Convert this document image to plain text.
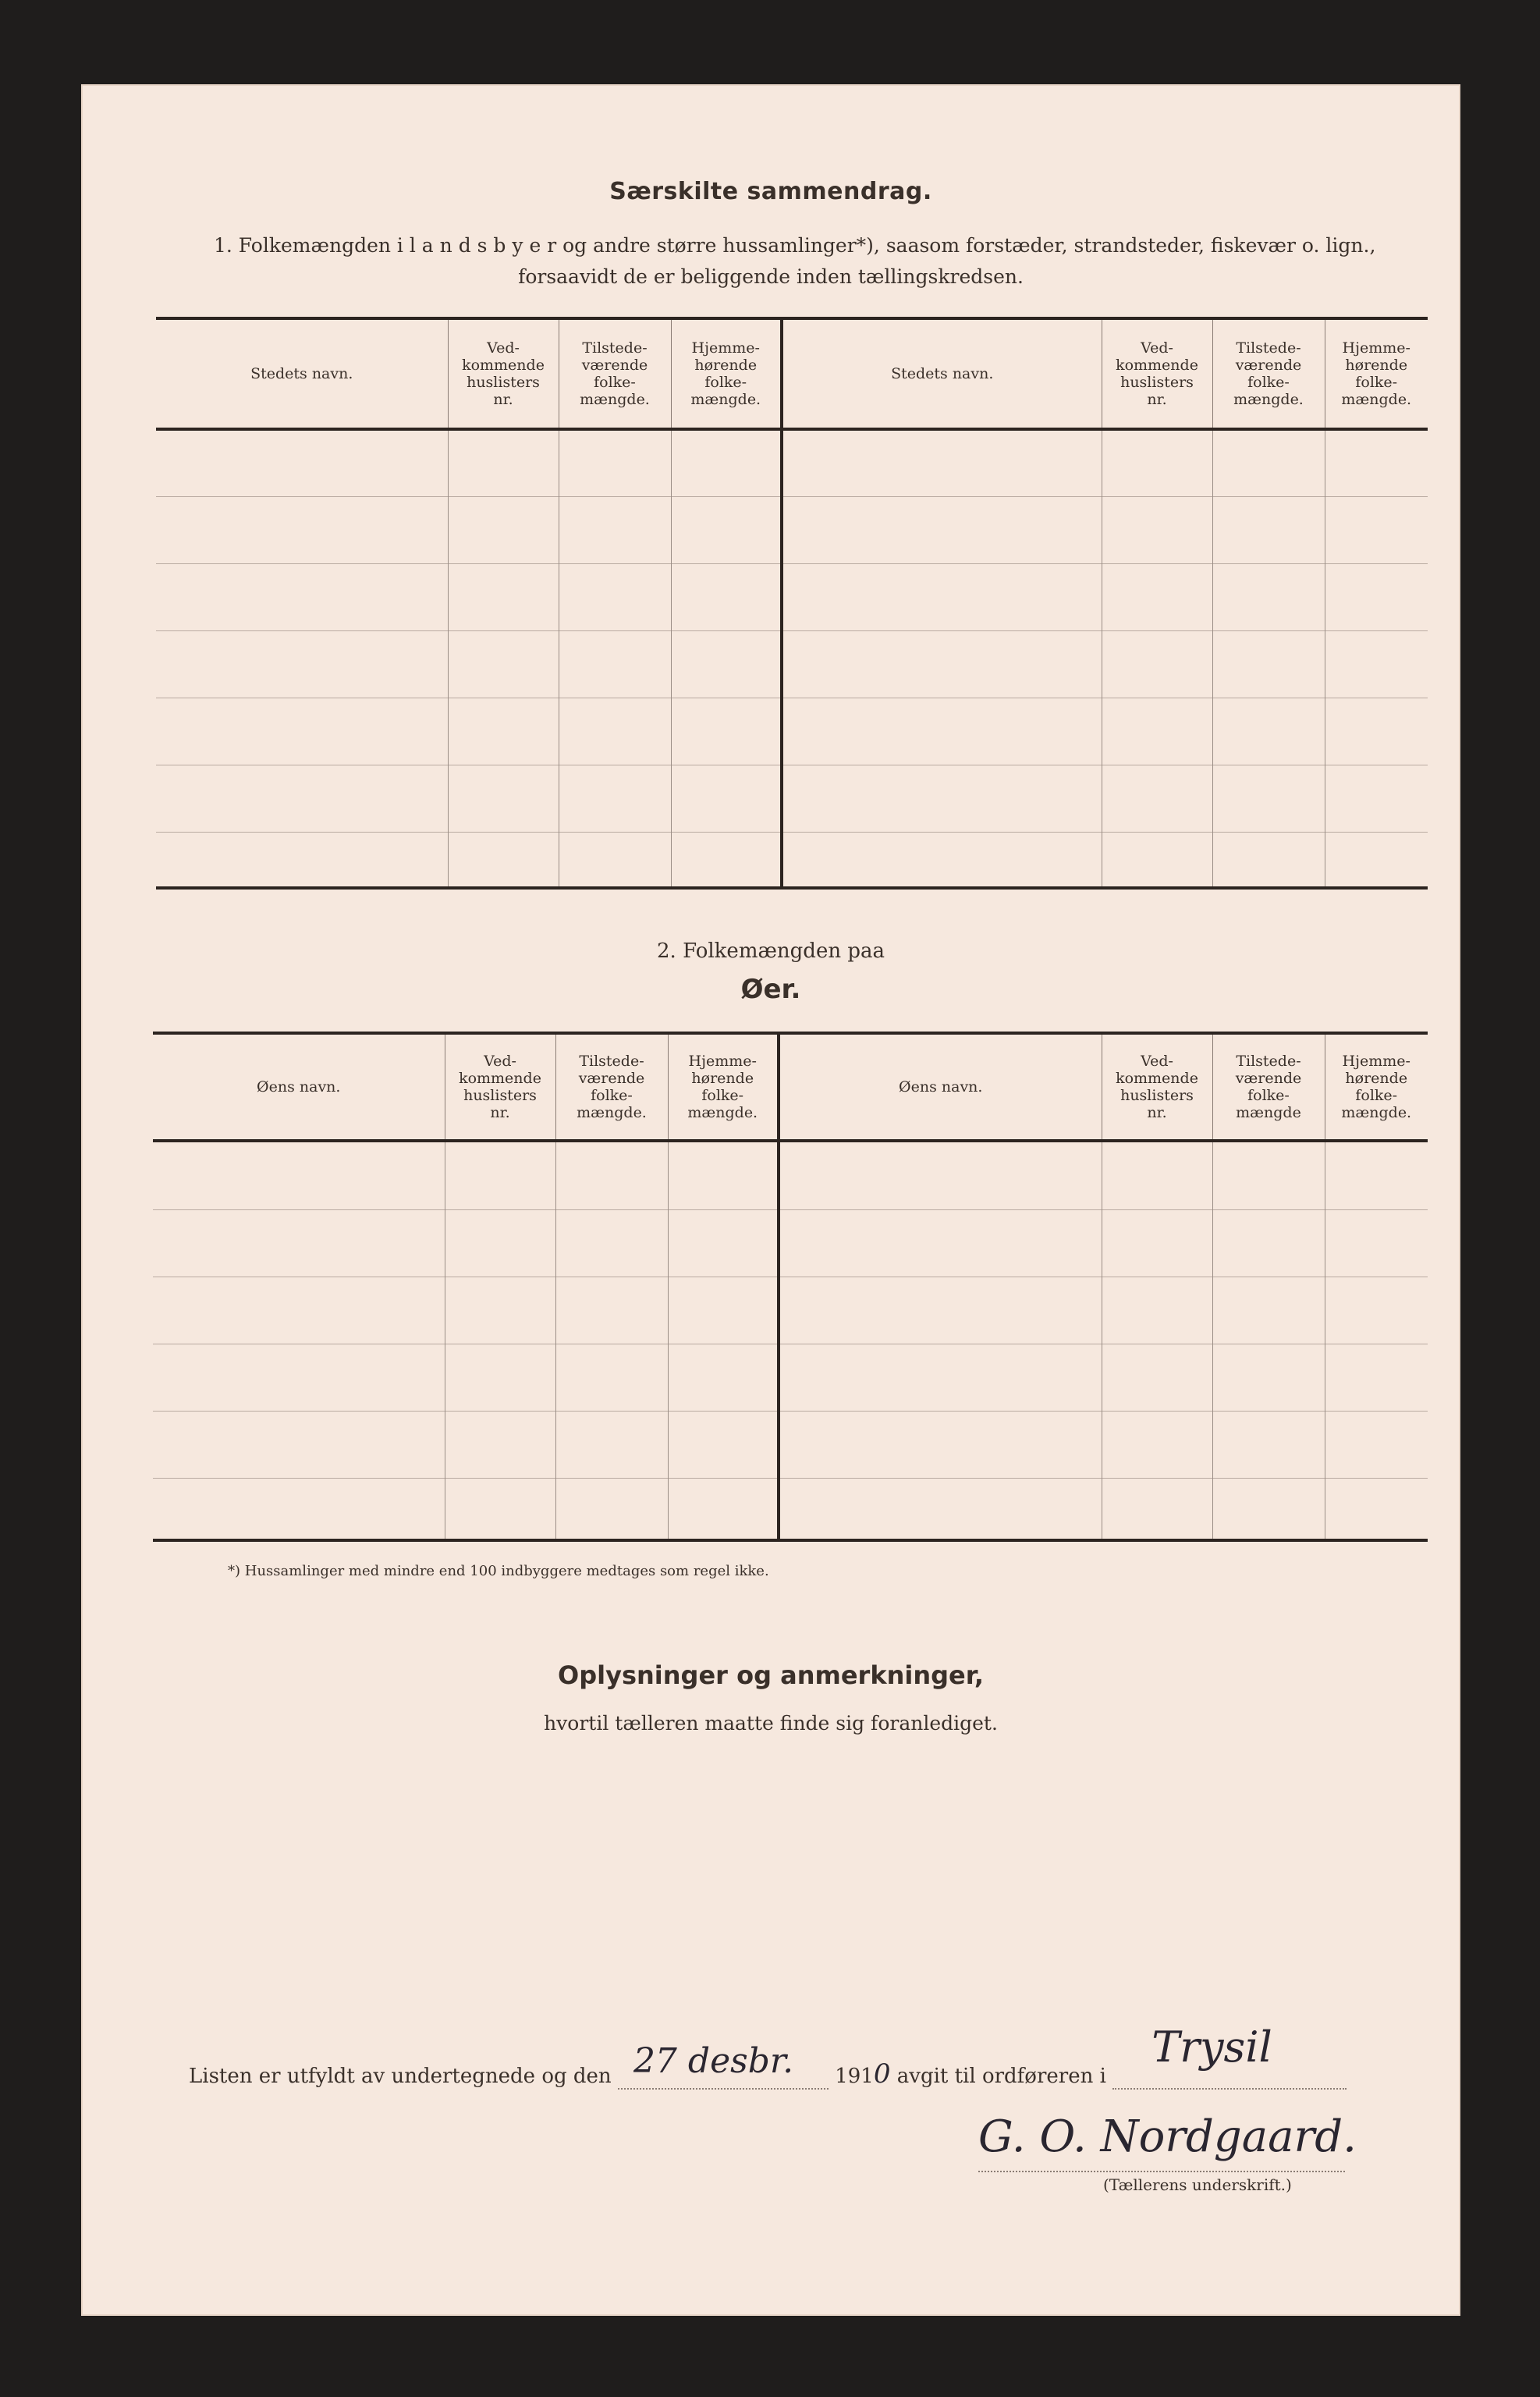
Særskilte sammendrag.
1. Folkemængden i l a n d s b y e r og andre større hussamlinger*), saasom forstæder, strandsteder, fiskevær o. lign.,
forsaavidt de er beliggende inden tællingskredsen.
Stedets navn.	Ved-
kommende
huslisters
nr.	Tilstede-
værende
folke-
mængde.	Hjemme-
hørende
folke-
mængde.	Stedets navn.	Ved-
kommende
huslisters
nr.	Tilstede-
værende
folke-
mængde.	Hjemme-
hørende
folke-
mængde.

2. Folkemængden paa
Øer.
Øens navn.	Ved-
kommende
huslisters
nr.	Tilstede-
værende
folke-
mængde.	Hjemme-
hørende
folke-
mængde.	Øens navn.	Ved-
kommende
huslisters
nr.	Tilstede-
værende
folke-
mængde	Hjemme-
hørende
folke-
mængde.

*) Hussamlinger med mindre end 100 indbyggere medtages som regel ikke.
Oplysninger og anmerkninger,
hvortil tælleren maatte finde sig foranlediget.
Listen er utfyldt av undertegnede og den 27 desbr. 1910 avgit til ordføreren i
Trysil
G. O. Nordgaard.
(Tællerens underskrift.)
